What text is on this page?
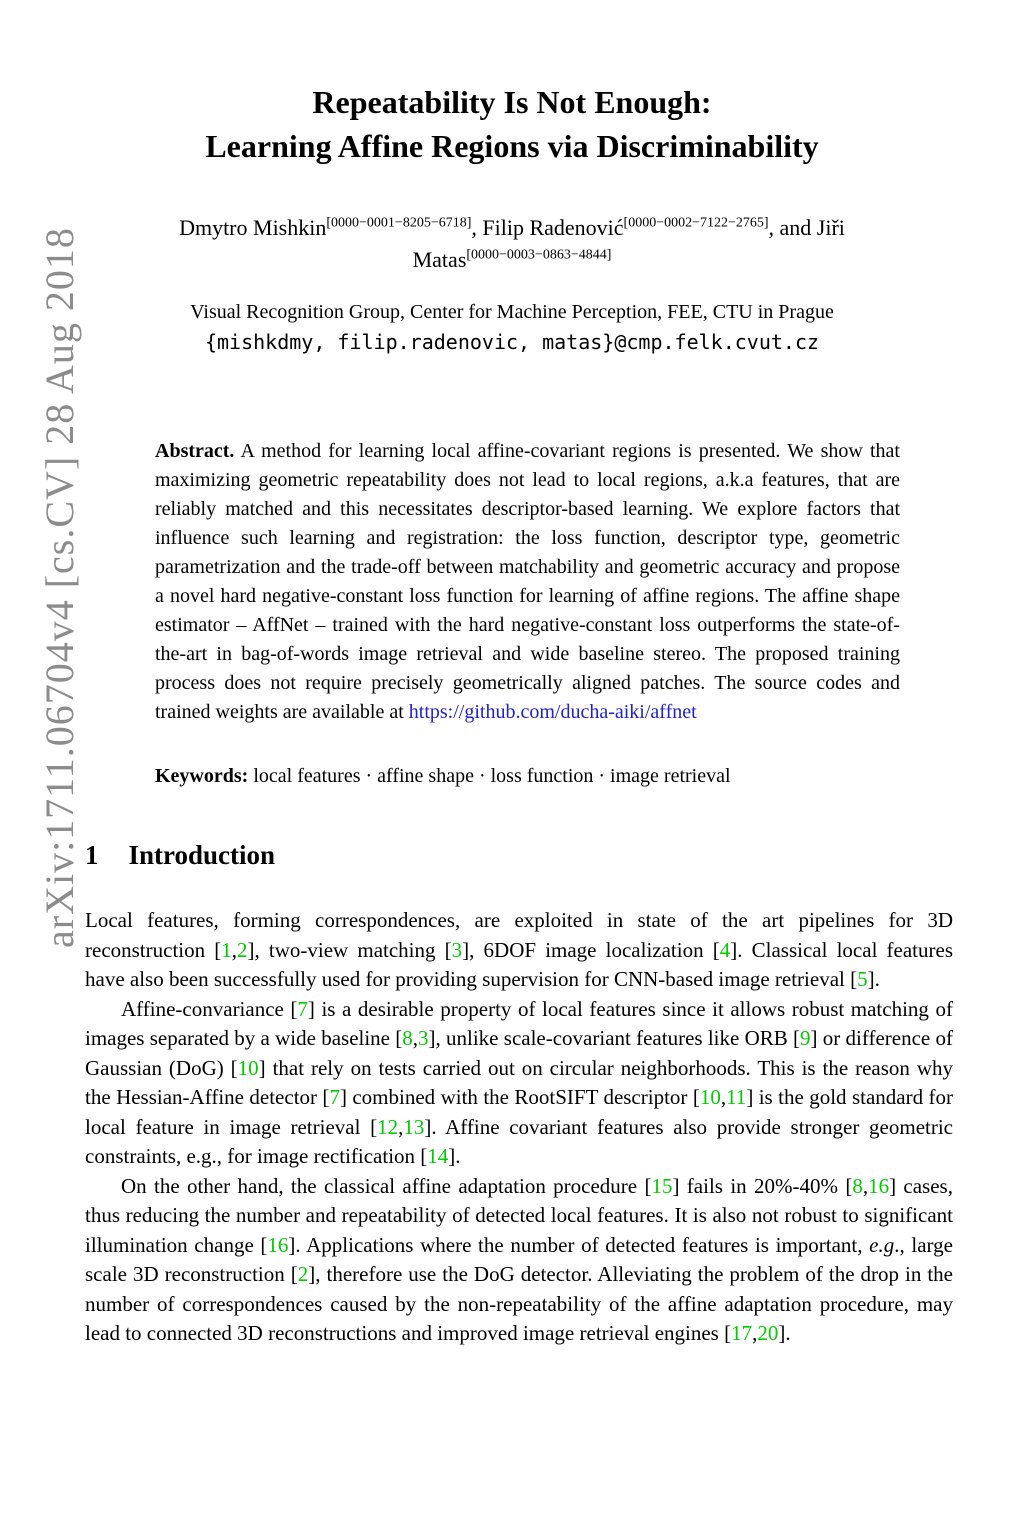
arXiv:1711.06704v4 [cs.CV] 28 Aug 2018
Repeatability Is Not Enough:
Learning Affine Regions via Discriminability
Dmytro Mishkin[0000−0001−8205−6718], Filip Radenović[0000−0002−7122−2765], and Jiři Matas[0000−0003−0863−4844]
Visual Recognition Group, Center for Machine Perception, FEE, CTU in Prague
{mishkdmy, filip.radenovic, matas}@cmp.felk.cvut.cz
Abstract. A method for learning local affine-covariant regions is presented. We show that maximizing geometric repeatability does not lead to local regions, a.k.a features, that are reliably matched and this necessitates descriptor-based learning. We explore factors that influence such learning and registration: the loss function, descriptor type, geometric parametrization and the trade-off between matchability and geometric accuracy and propose a novel hard negative-constant loss function for learning of affine regions. The affine shape estimator – AffNet – trained with the hard negative-constant loss outperforms the state-of-the-art in bag-of-words image retrieval and wide baseline stereo. The proposed training process does not require precisely geometrically aligned patches. The source codes and trained weights are available at https://github.com/ducha-aiki/affnet
Keywords: local features · affine shape · loss function · image retrieval
1 Introduction

Local features, forming correspondences, are exploited in state of the art pipelines for 3D reconstruction [1,2], two-view matching [3], 6DOF image localization [4]. Classical local features have also been successfully used for providing supervision for CNN-based image retrieval [5].

Affine-convariance [7] is a desirable property of local features since it allows robust matching of images separated by a wide baseline [8,3], unlike scale-covariant features like ORB [9] or difference of Gaussian (DoG) [10] that rely on tests carried out on circular neighborhoods. This is the reason why the Hessian-Affine detector [7] combined with the RootSIFT descriptor [10,11] is the gold standard for local feature in image retrieval [12,13]. Affine covariant features also provide stronger geometric constraints, e.g., for image rectification [14].

On the other hand, the classical affine adaptation procedure [15] fails in 20%-40% [8,16] cases, thus reducing the number and repeatability of detected local features. It is also not robust to significant illumination change [16]. Applications where the number of detected features is important, e.g., large scale 3D reconstruction [2], therefore use the DoG detector. Alleviating the problem of the drop in the number of correspondences caused by the non-repeatability of the affine adaptation procedure, may lead to connected 3D reconstructions and improved image retrieval engines [17,20].
